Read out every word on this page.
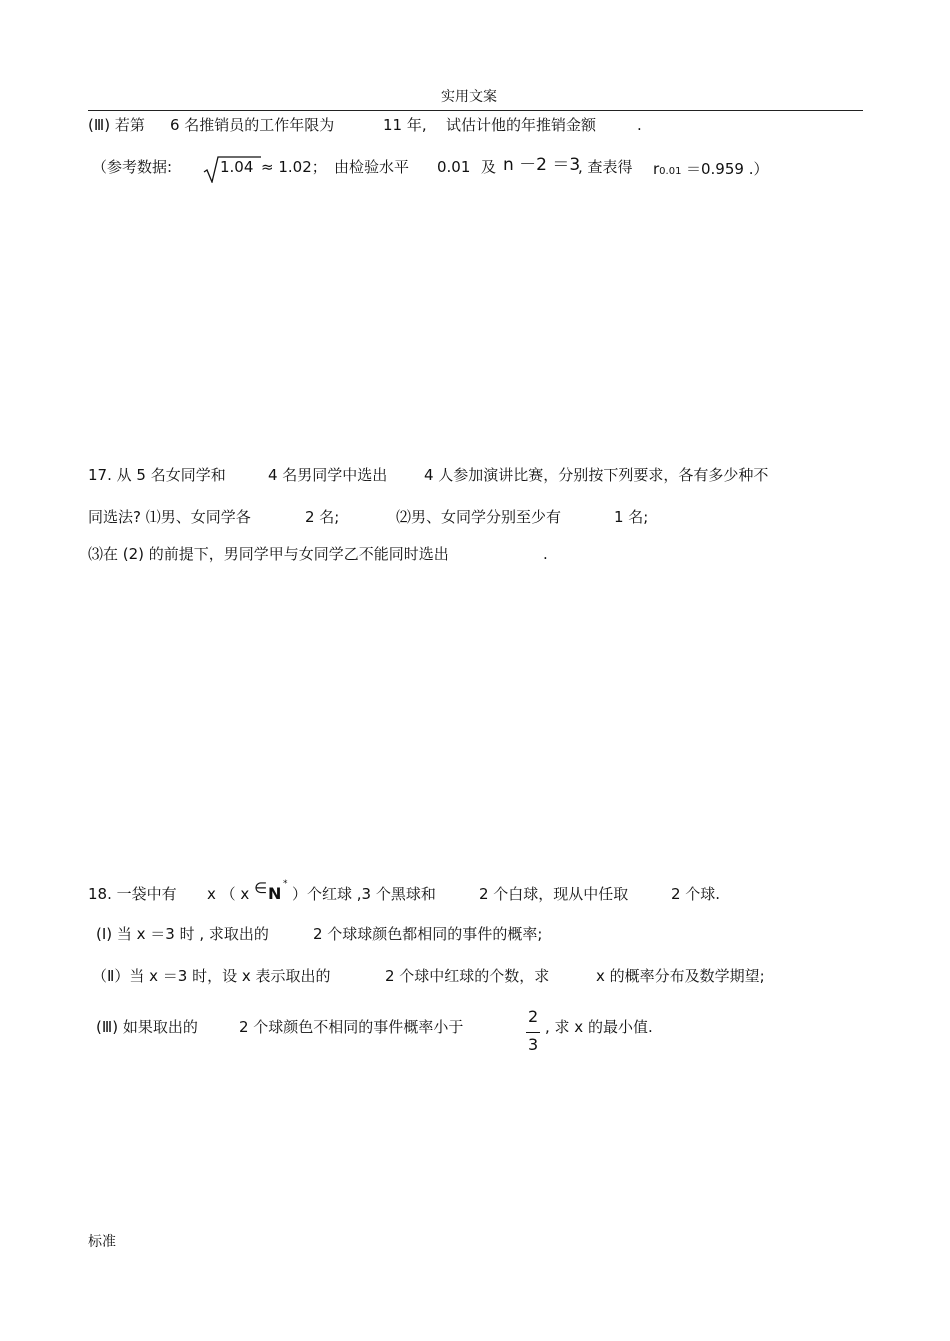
实用文案
(Ⅲ) 若第 6 名推销员的工作年限为	11 年, 试估计他的年推销金额	.
（参考数据:	1.04 ≈ 1.02； 由检验水平 0.01 及 n －2 ＝3
, 查表得 r0.01 ＝0.959 .）
17. 从 5 名女同学和	4 名男同学中选出 4 人参加演讲比赛，分别按下列要求，各有多少种不
同选法? ⑴男、女同学各	2 名;	⑵男、女同学分别至少有	1 名;
⑶在 (2) 的前提下，男同学甲与女同学乙不能同时选出	.
18. 一袋中有 x （ x ∈ N *
）个红球 ,3 个黑球和	2 个白球，现从中任取	2 个球.
(Ⅰ) 当 x ＝3 时 , 求取出的	2 个球球颜色都相同的事件的概率;
（Ⅱ）当 x ＝3 时，设 x 表示取出的	2 个球中红球的个数，求	x 的概率分布及数学期望;
(Ⅲ) 如果取出的	2 个球颜色不相同的事件概率小于
2
3
, 求 x 的最小值.
标准
